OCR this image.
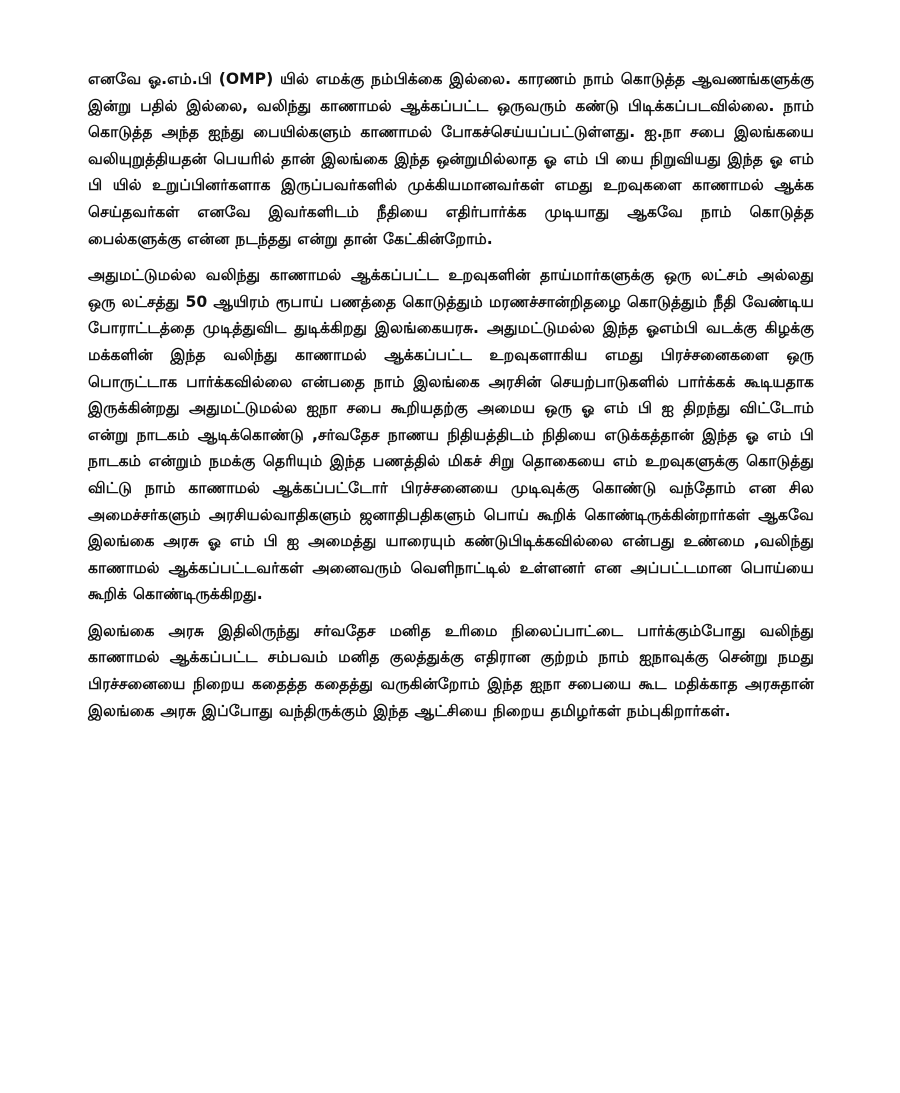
எனவே ஓ.எம்.பி (OMP) யில் எமக்கு நம்பிக்கை இல்லை. காரணம் நாம் கொடுத்த ஆவணங்களுக்கு இன்று பதில் இல்லை, வலிந்து காணாமல் ஆக்கப்பட்ட ஒருவரும் கண்டு பிடிக்கப்படவில்லை. நாம் கொடுத்த அந்த ஐந்து பையில்களும் காணாமல் போகச்செய்யப்பட்டுள்ளது. ஐ.நா சபை இலங்கயை வலியுறுத்தியதன் பெயரில் தான் இலங்கை இந்த ஒன்றுமில்லாத ஓ எம் பி யை நிறுவியது இந்த ஓ எம் பி யில் உறுப்பினர்களாக இருப்பவர்களில் முக்கியமானவர்கள் எமது உறவுகளை காணாமல் ஆக்க செய்தவர்கள் எனவே இவர்களிடம் நீதியை எதிர்பார்க்க முடியாது ஆகவே நாம் கொடுத்த பைல்களுக்கு என்ன நடந்தது என்று தான் கேட்கின்றோம்.

அதுமட்டுமல்ல வலிந்து காணாமல் ஆக்கப்பட்ட உறவுகளின் தாய்மார்களுக்கு ஒரு லட்சம் அல்லது ஒரு லட்சத்து 50 ஆயிரம் ரூபாய் பணத்தை கொடுத்தும் மரணச்சான்றிதழை கொடுத்தும் நீதி வேண்டிய போராட்டத்தை முடித்துவிட துடிக்கிறது இலங்கையரசு. அதுமட்டுமல்ல இந்த ஓஎம்பி வடக்கு கிழக்கு மக்களின் இந்த வலிந்து காணாமல் ஆக்கப்பட்ட உறவுகளாகிய எமது பிரச்சனைகளை ஒரு பொருட்டாக பார்க்கவில்லை என்பதை நாம் இலங்கை அரசின் செயற்பாடுகளில் பார்க்கக் கூடியதாக இருக்கின்றது அதுமட்டுமல்ல ஐநா சபை கூறியதற்கு அமைய ஒரு ஓ எம் பி ஐ திறந்து விட்டோம் என்று நாடகம் ஆடிக்கொண்டு ,சர்வதேச நாணய நிதியத்திடம் நிதியை எடுக்கத்தான் இந்த ஓ எம் பி நாடகம் என்றும் நமக்கு தெரியும் இந்த பணத்தில் மிகச் சிறு தொகையை எம் உறவுகளுக்கு கொடுத்து விட்டு நாம் காணாமல் ஆக்கப்பட்டோர் பிரச்சனையை முடிவுக்கு கொண்டு வந்தோம் என சில அமைச்சர்களும் அரசியல்வாதிகளும் ஜனாதிபதிகளும் பொய் கூறிக் கொண்டிருக்கின்றார்கள் ஆகவே இலங்கை அரசு ஓ எம் பி ஐ அமைத்து யாரையும் கண்டுபிடிக்கவில்லை என்பது உண்மை ,வலிந்து காணாமல் ஆக்கப்பட்டவர்கள் அனைவரும் வெளிநாட்டில் உள்ளனர் என அப்பட்டமான பொய்யை கூறிக் கொண்டிருக்கிறது.

இலங்கை அரசு இதிலிருந்து சர்வதேச மனித உரிமை நிலைப்பாட்டை பார்க்கும்போது வலிந்து காணாமல் ஆக்கப்பட்ட சம்பவம் மனித குலத்துக்கு எதிரான குற்றம் நாம் ஐநாவுக்கு சென்று நமது பிரச்சனையை நிறைய கதைத்த கதைத்து வருகின்றோம் இந்த ஐநா சபையை கூட மதிக்காத அரசுதான் இலங்கை அரசு இப்போது வந்திருக்கும் இந்த ஆட்சியை நிறைய தமிழர்கள் நம்புகிறார்கள்.
